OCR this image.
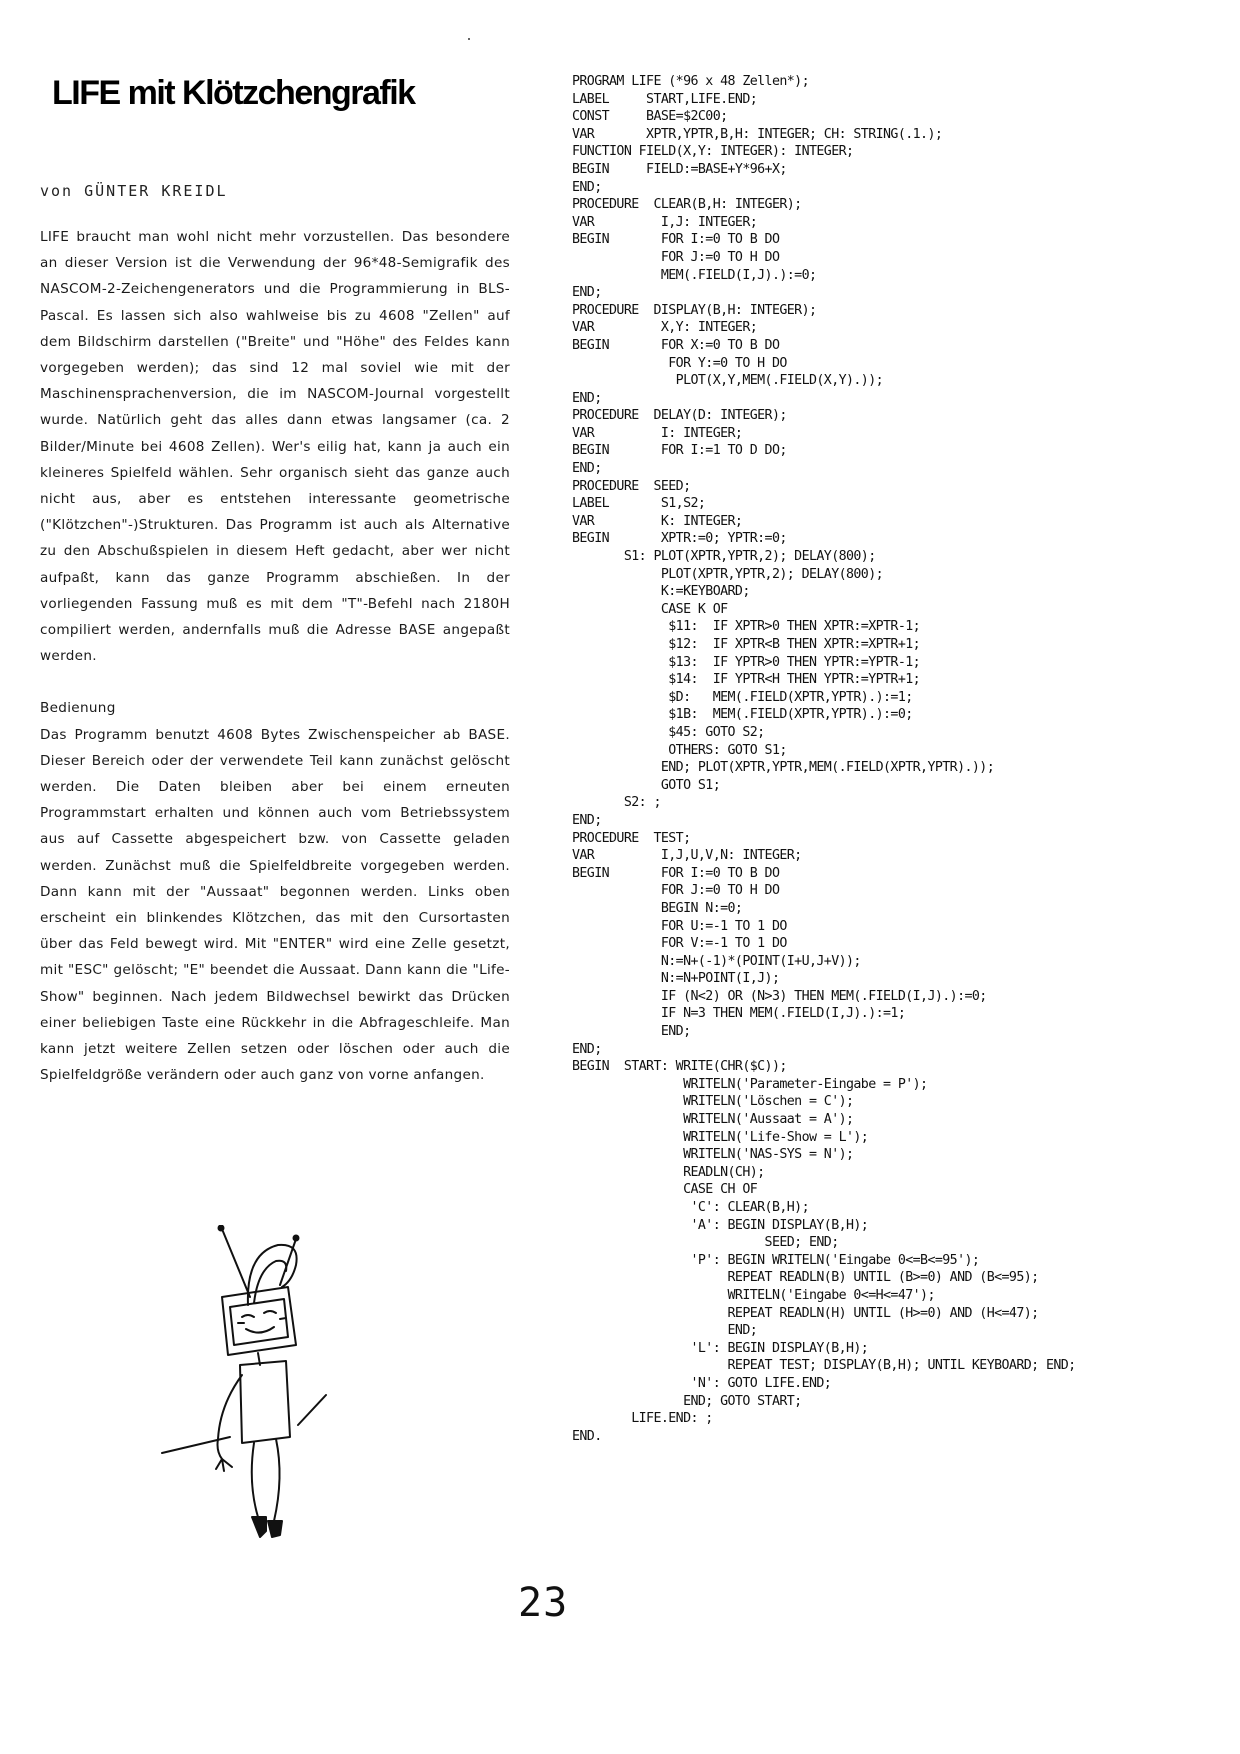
LIFE mit Klötzchengrafik
von GÜNTER KREIDL

LIFE braucht man wohl nicht mehr vorzustellen. Das besondere an dieser Version ist die Verwendung der 96*48-Semigrafik des NASCOM-2-Zeichengenerators und die Programmierung in BLS-Pascal. Es lassen sich also wahlweise bis zu 4608 "Zellen" auf dem Bildschirm darstellen ("Breite" und "Höhe" des Feldes kann vorgegeben werden); das sind 12 mal soviel wie mit der Maschinensprachenversion, die im NASCOM-Journal vorgestellt wurde. Natürlich geht das alles dann etwas langsamer (ca. 2 Bilder/Minute bei 4608 Zellen). Wer's eilig hat, kann ja auch ein kleineres Spielfeld wählen. Sehr organisch sieht das ganze auch nicht aus, aber es entstehen interessante geometrische ("Klötzchen"-)Strukturen. Das Programm ist auch als Alternative zu den Abschußspielen in diesem Heft gedacht, aber wer nicht aufpaßt, kann das ganze Programm abschießen. In der vorliegenden Fassung muß es mit dem "T"-Befehl nach 2180H compiliert werden, andernfalls muß die Adresse BASE angepaßt werden.

Bedienung

Das Programm benutzt 4608 Bytes Zwischenspeicher ab BASE. Dieser Bereich oder der verwendete Teil kann zunächst gelöscht werden. Die Daten bleiben aber bei einem erneuten Programmstart erhalten und können auch vom Betriebssystem aus auf Cassette abgespeichert bzw. von Cassette geladen werden. Zunächst muß die Spielfeldbreite vorgegeben werden. Dann kann mit der "Aussaat" begonnen werden. Links oben erscheint ein blinkendes Klötzchen, das mit den Cursortasten über das Feld bewegt wird. Mit "ENTER" wird eine Zelle gesetzt, mit "ESC" gelöscht; "E" beendet die Aussaat. Dann kann die "Life-Show" beginnen. Nach jedem Bildwechsel bewirkt das Drücken einer beliebigen Taste eine Rückkehr in die Abfrageschleife. Man kann jetzt weitere Zellen setzen oder löschen oder auch die Spielfeldgröße verändern oder auch ganz von vorne anfangen.

PROGRAM LIFE (*96 x 48 Zellen*);
LABEL     START,LIFE.END;
CONST     BASE=$2C00;
VAR       XPTR,YPTR,B,H: INTEGER; CH: STRING(.1.);
FUNCTION FIELD(X,Y: INTEGER): INTEGER;
BEGIN     FIELD:=BASE+Y*96+X;
END;
PROCEDURE  CLEAR(B,H: INTEGER);
VAR         I,J: INTEGER;
BEGIN       FOR I:=0 TO B DO
FOR J:=0 TO H DO
MEM(.FIELD(I,J).):=0;
END;
PROCEDURE  DISPLAY(B,H: INTEGER);
VAR         X,Y: INTEGER;
BEGIN       FOR X:=0 TO B DO
FOR Y:=0 TO H DO
PLOT(X,Y,MEM(.FIELD(X,Y).));
END;
PROCEDURE  DELAY(D: INTEGER);
VAR         I: INTEGER;
BEGIN       FOR I:=1 TO D DO;
END;
PROCEDURE  SEED;
LABEL       S1,S2;
VAR         K: INTEGER;
BEGIN       XPTR:=0; YPTR:=0;
S1: PLOT(XPTR,YPTR,2); DELAY(800);
PLOT(XPTR,YPTR,2); DELAY(800);
K:=KEYBOARD;
CASE K OF
$11:  IF XPTR>0 THEN XPTR:=XPTR-1;
$12:  IF XPTR<B THEN XPTR:=XPTR+1;
$13:  IF YPTR>0 THEN YPTR:=YPTR-1;
$14:  IF YPTR<H THEN YPTR:=YPTR+1;
$D:   MEM(.FIELD(XPTR,YPTR).):=1;
$1B:  MEM(.FIELD(XPTR,YPTR).):=0;
$45: GOTO S2;
OTHERS: GOTO S1;
END; PLOT(XPTR,YPTR,MEM(.FIELD(XPTR,YPTR).));
GOTO S1;
S2: ;
END;
PROCEDURE  TEST;
VAR         I,J,U,V,N: INTEGER;
BEGIN       FOR I:=0 TO B DO
FOR J:=0 TO H DO
BEGIN N:=0;
FOR U:=-1 TO 1 DO
FOR V:=-1 TO 1 DO
N:=N+(-1)*(POINT(I+U,J+V));
N:=N+POINT(I,J);
IF (N<2) OR (N>3) THEN MEM(.FIELD(I,J).):=0;
IF N=3 THEN MEM(.FIELD(I,J).):=1;
END;
END;
BEGIN  START: WRITE(CHR($C));
WRITELN('Parameter-Eingabe = P');
WRITELN('Löschen = C');
WRITELN('Aussaat = A');
WRITELN('Life-Show = L');
WRITELN('NAS-SYS = N');
READLN(CH);
CASE CH OF
'C': CLEAR(B,H);
'A': BEGIN DISPLAY(B,H);
SEED; END;
'P': BEGIN WRITELN('Eingabe 0<=B<=95');
REPEAT READLN(B) UNTIL (B>=0) AND (B<=95);
WRITELN('Eingabe 0<=H<=47');
REPEAT READLN(H) UNTIL (H>=0) AND (H<=47);
END;
'L': BEGIN DISPLAY(B,H);
REPEAT TEST; DISPLAY(B,H); UNTIL KEYBOARD; END;
'N': GOTO LIFE.END;
END; GOTO START;
LIFE.END: ;
END.

23
